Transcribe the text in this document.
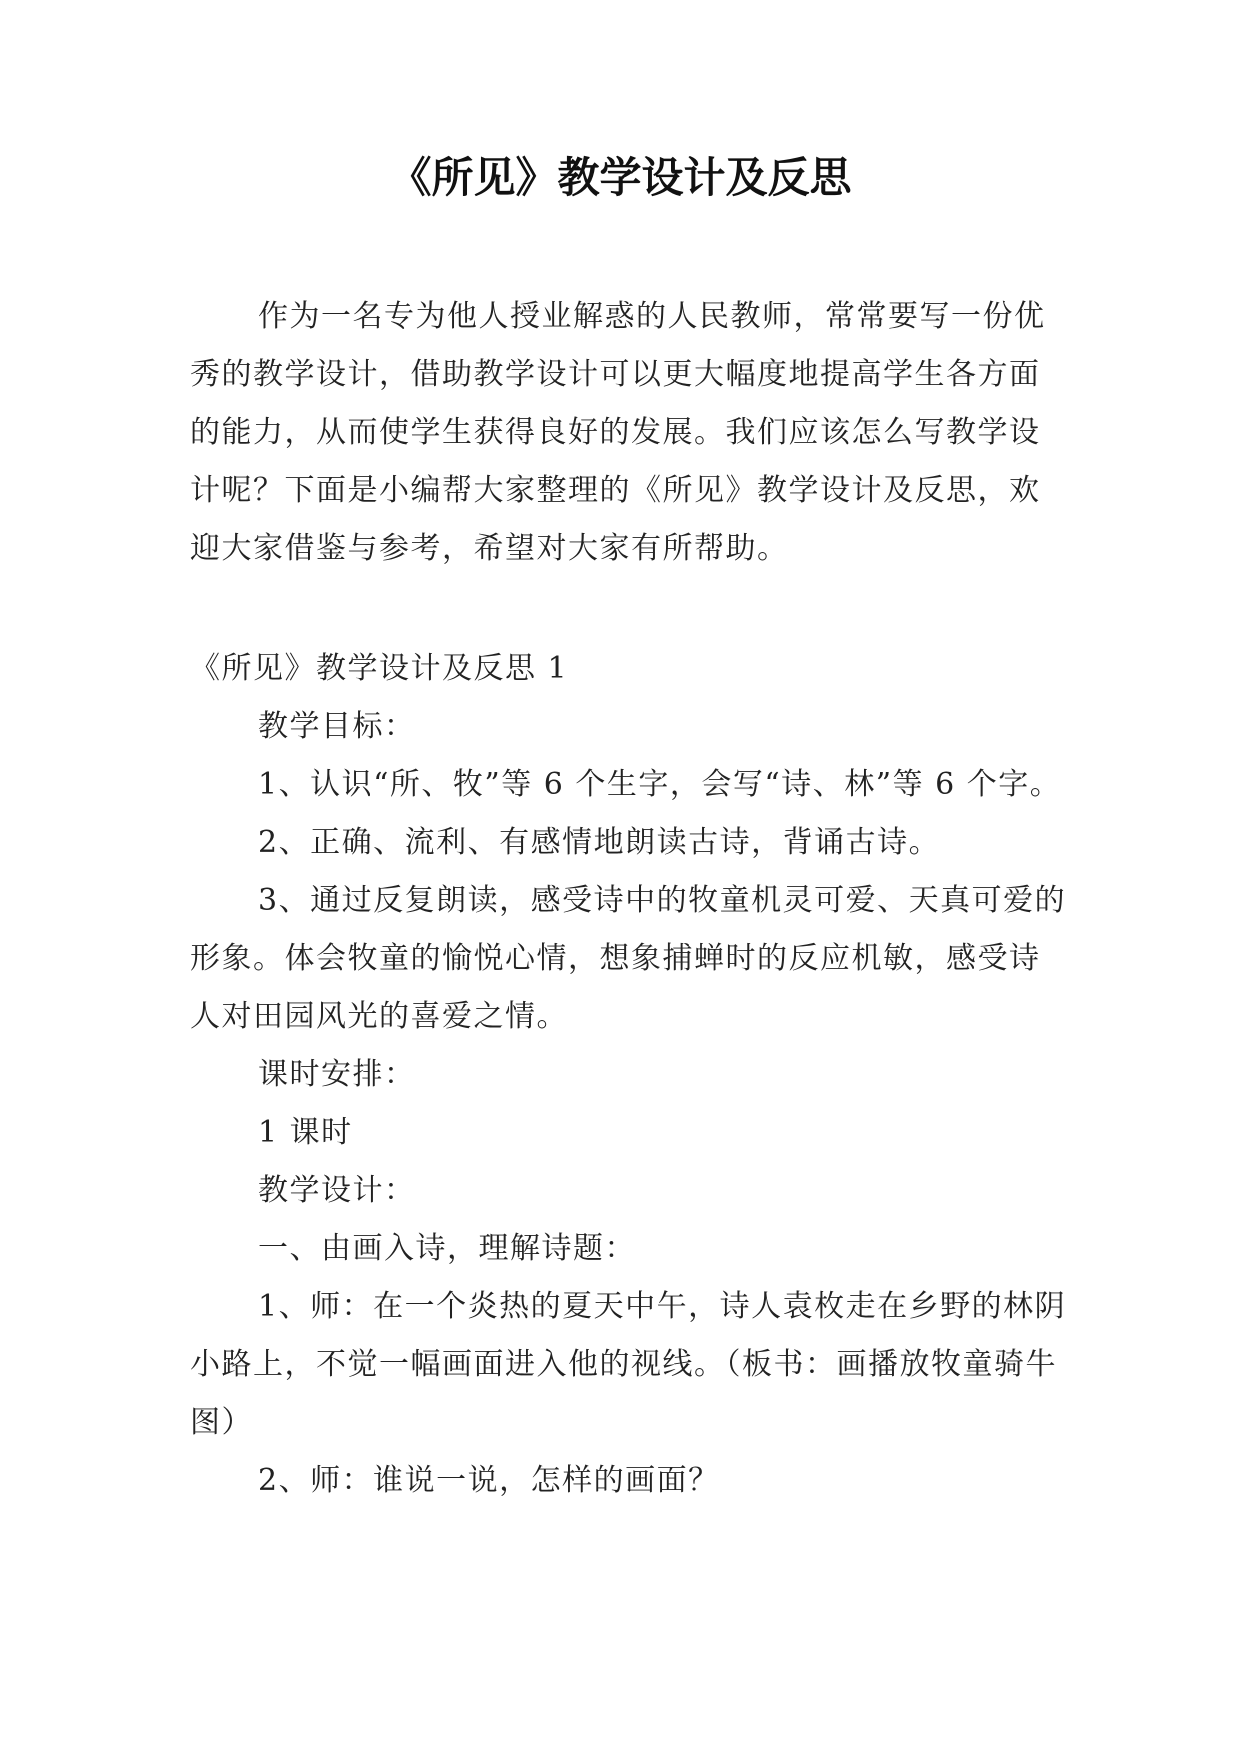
《所见》教学设计及反思

作为一名专为他人授业解惑的人民教师，常常要写一份优秀的教学设计，借助教学设计可以更大幅度地提高学生各方面的能力，从而使学生获得良好的发展。我们应该怎么写教学设计呢？下面是小编帮大家整理的《所见》教学设计及反思，欢迎大家借鉴与参考，希望对大家有所帮助。

《所见》教学设计及反思 1

教学目标：

1、认识“所、牧”等 6 个生字，会写“诗、林”等 6 个字。

2、正确、流利、有感情地朗读古诗，背诵古诗。

3、通过反复朗读，感受诗中的牧童机灵可爱、天真可爱的形象。体会牧童的愉悦心情，想象捕蝉时的反应机敏，感受诗人对田园风光的喜爱之情。

课时安排：

1 课时

教学设计：

一、由画入诗，理解诗题：

1、师：在一个炎热的夏天中午，诗人袁枚走在乡野的林阴小路上，不觉一幅画面进入他的视线。（板书：画播放牧童骑牛图）

2、师：谁说一说，怎样的画面？
